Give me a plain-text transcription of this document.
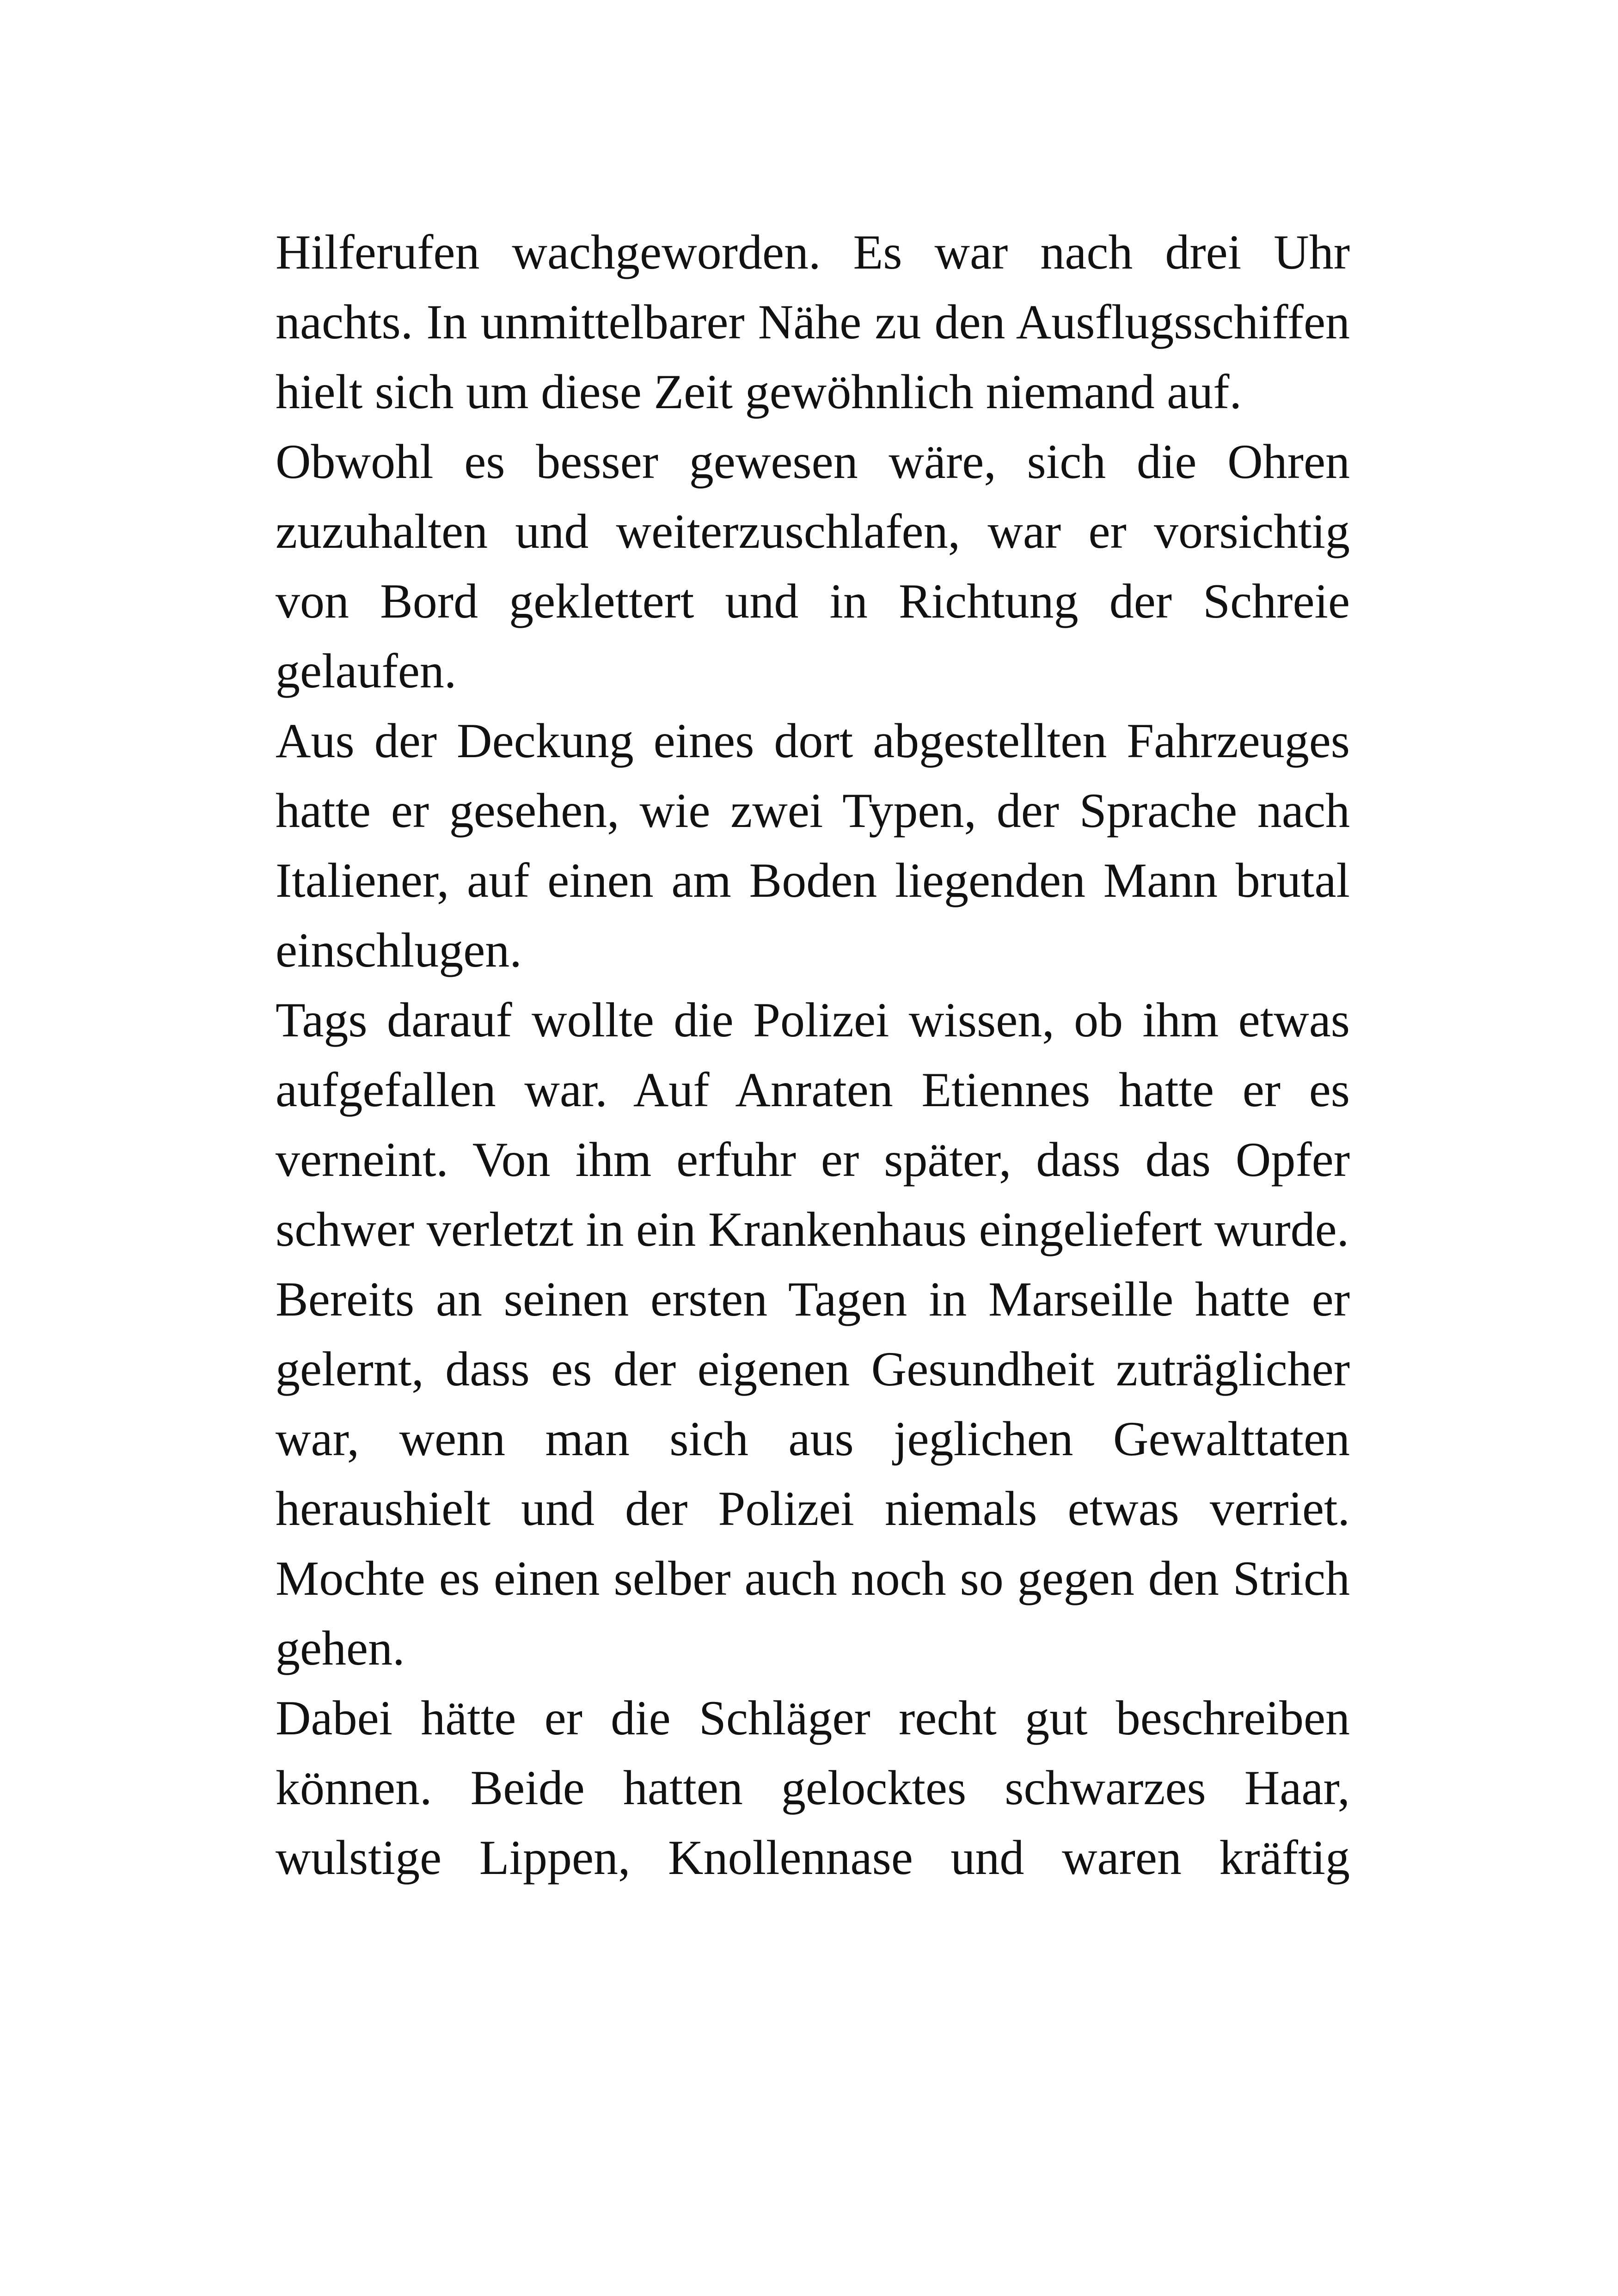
Hilferufen wachgeworden. Es war nach drei Uhr nachts. In unmittelbarer Nähe zu den Ausflugsschiffen hielt sich um diese Zeit gewöhnlich niemand auf.

Obwohl es besser gewesen wäre, sich die Ohren zuzuhalten und weiterzuschlafen, war er vorsichtig von Bord geklettert und in Richtung der Schreie gelaufen.

Aus der Deckung eines dort abgestellten Fahrzeuges hatte er gesehen, wie zwei Typen, der Sprache nach Italiener, auf einen am Boden liegenden Mann brutal einschlugen.

Tags darauf wollte die Polizei wissen, ob ihm etwas aufgefallen war. Auf Anraten Etiennes hatte er es verneint. Von ihm erfuhr er später, dass das Opfer schwer verletzt in ein Krankenhaus eingeliefert wurde.

Bereits an seinen ersten Tagen in Marseille hatte er gelernt, dass es der eigenen Gesundheit zuträglicher war, wenn man sich aus jeglichen Gewalttaten heraushielt und der Polizei niemals etwas verriet. Mochte es einen selber auch noch so gegen den Strich gehen.

Dabei hätte er die Schläger recht gut beschreiben können. Beide hatten gelocktes schwarzes Haar, wulstige Lippen, Knollennase und waren kräftig
